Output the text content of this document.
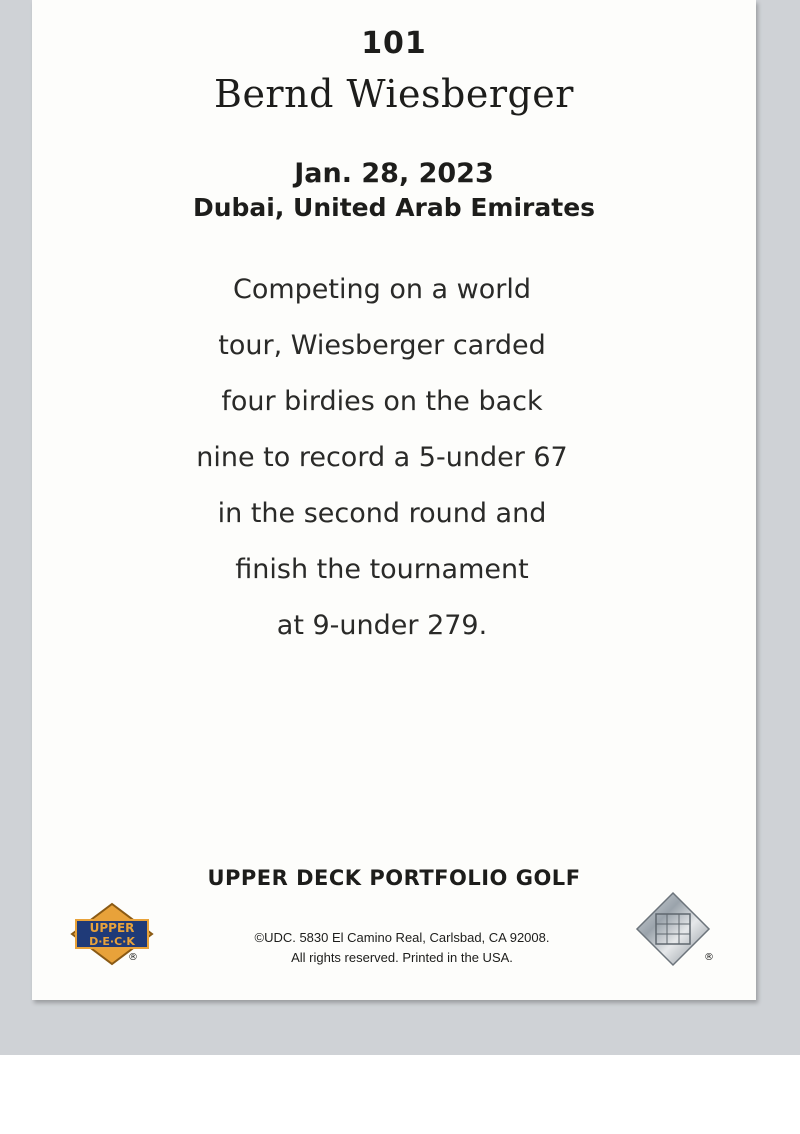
101
Bernd Wiesberger
Jan. 28, 2023
Dubai, United Arab Emirates
Competing on a world
tour, Wiesberger carded
four birdies on the back
nine to record a 5-under 67
in the second round and
finish the tournament
at 9-under 279.
UPPER DECK PORTFOLIO GOLF
UPPER
D·E·C·K
®
©UDC. 5830 El Camino Real, Carlsbad, CA 92008.
All rights reserved. Printed in the USA.	®
